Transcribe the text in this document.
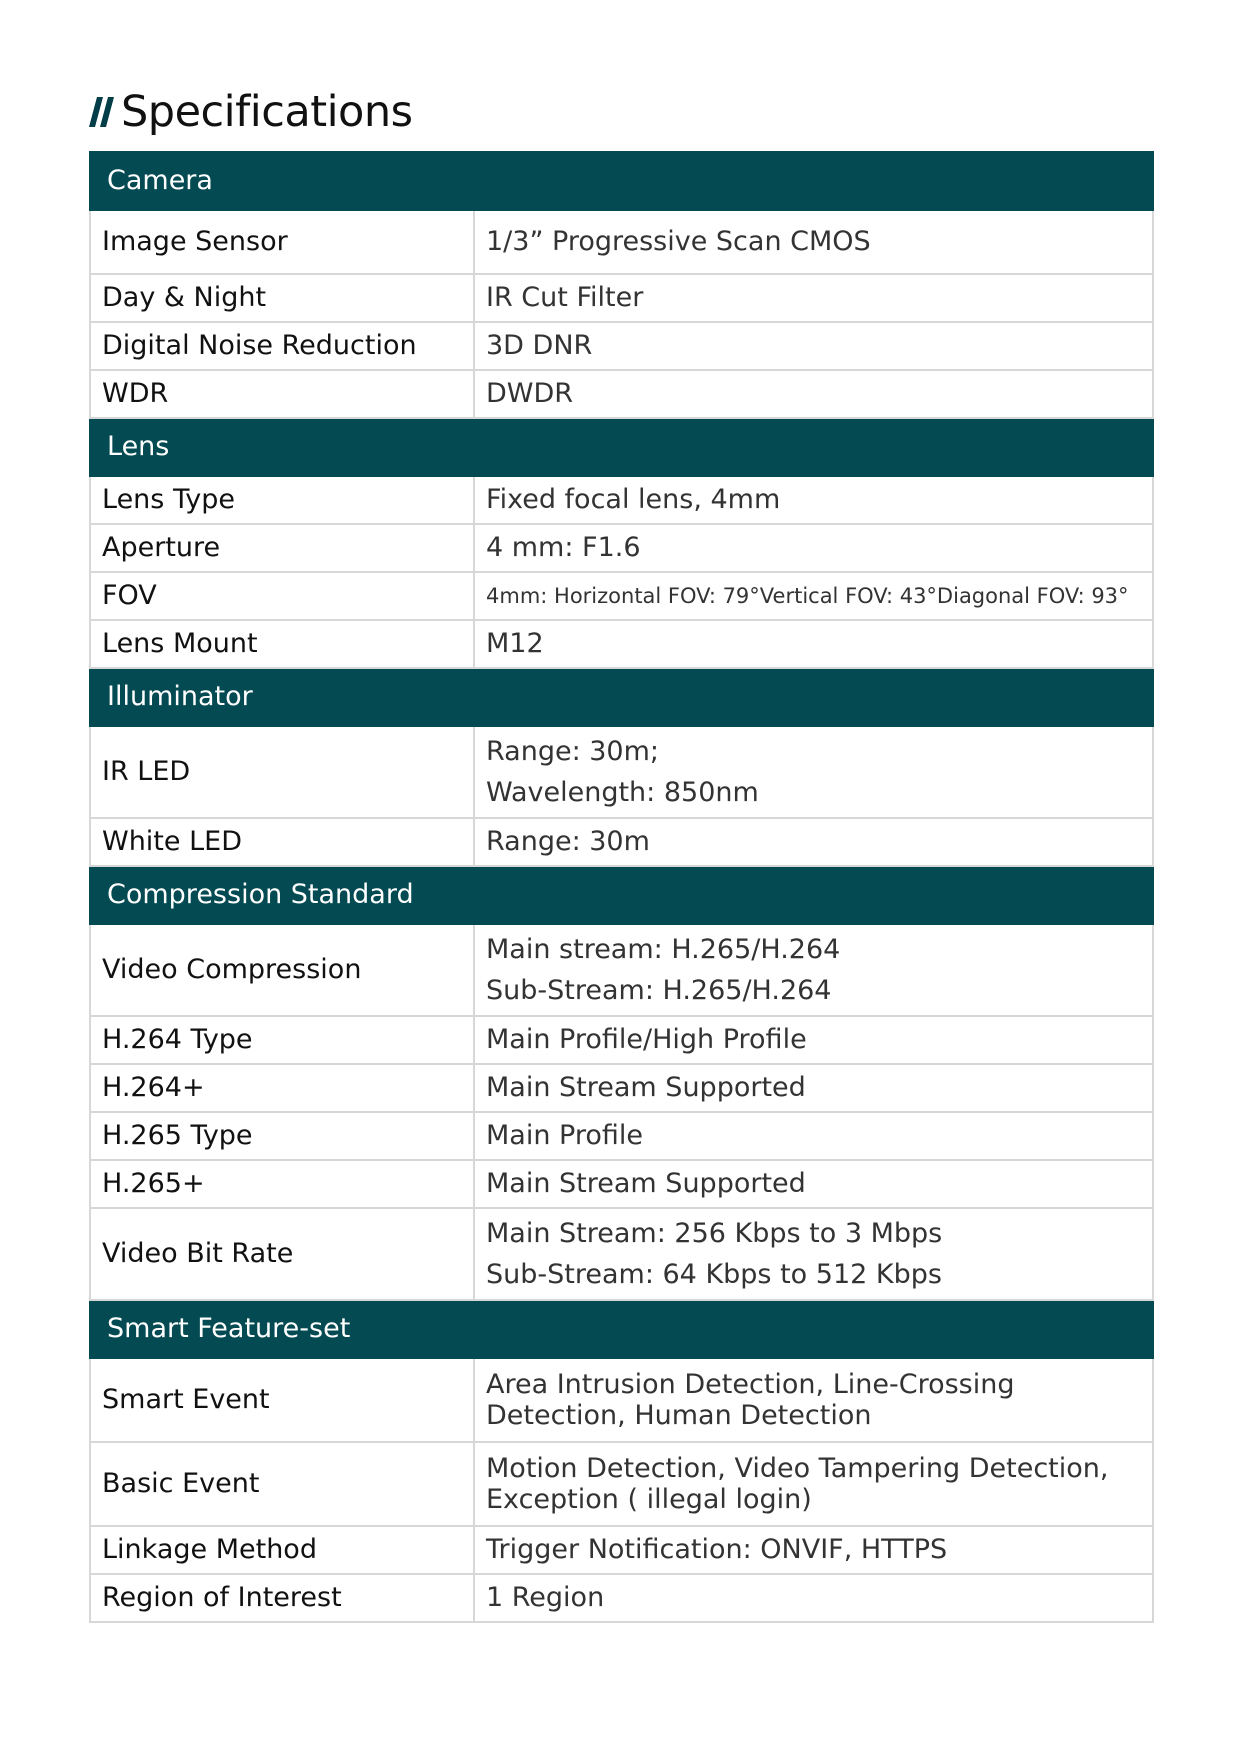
Specifications
Camera	
Image Sensor	1/3” Progressive Scan CMOS

Day & Night	IR Cut Filter

Digital Noise Reduction	3D DNR

WDR	DWDR

Lens	
Lens Type	Fixed focal lens, 4mm

Aperture	4 mm: F1.6

FOV	4mm: Horizontal FOV: 79°Vertical FOV: 43°Diagonal FOV: 93°

Lens Mount	M12

Illuminator	
IR LED	Range: 30m;
Wavelength: 850nm

White LED	Range: 30m

Compression Standard	
Video Compression	Main stream: H.265/H.264
Sub-Stream: H.265/H.264

H.264 Type	Main Profile/High Profile

H.264+	Main Stream Supported

H.265 Type	Main Profile

H.265+	Main Stream Supported

Video Bit Rate	Main Stream: 256 Kbps to 3 Mbps
Sub-Stream: 64 Kbps to 512 Kbps

Smart Feature-set	
Smart Event	Area Intrusion Detection, Line-Crossing Detection, Human Detection

Basic Event	Motion Detection, Video Tampering Detection, Exception ( illegal login)

Linkage Method	Trigger Notification: ONVIF, HTTPS

Region of Interest	1 Region
